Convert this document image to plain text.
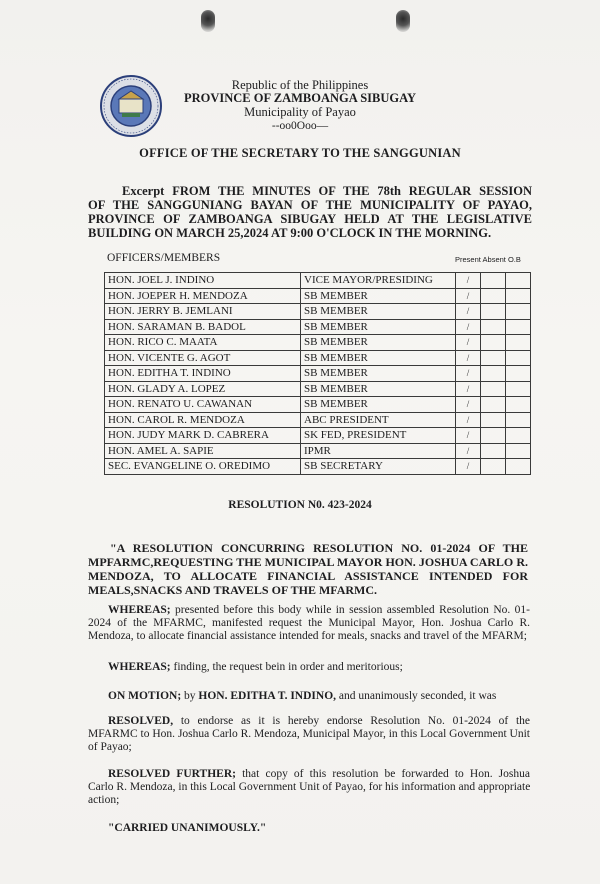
Republic of the Philippines
PROVINCE OF ZAMBOANGA SIBUGAY
Municipality of Payao
--oo0Ooo—
OFFICE OF THE SECRETARY TO THE SANGGUNIAN
Excerpt FROM THE MINUTES OF THE 78th REGULAR SESSION
OF THE SANGGUNIANG BAYAN OF THE MUNICIPALITY OF PAYAO,
PROVINCE OF ZAMBOANGA SIBUGAY HELD AT THE LEGISLATIVE
BUILDING ON MARCH 25,2024 AT 9:00 O'CLOCK IN THE MORNING.
OFFICERS/MEMBERS	Present Absent O.B
HON. JOEL J. INDINO	VICE MAYOR/PRESIDING	/		
HON. JOEPER H. MENDOZA	SB MEMBER	/		
HON. JERRY B. JEMLANI	SB MEMBER	/		
HON. SARAMAN B. BADOL	SB MEMBER	/		
HON. RICO C. MAATA	SB MEMBER	/		
HON. VICENTE G. AGOT	SB MEMBER	/		
HON. EDITHA T. INDINO	SB MEMBER	/		
HON. GLADY A. LOPEZ	SB MEMBER	/		
HON. RENATO U. CAWANAN	SB MEMBER	/		
HON. CAROL R. MENDOZA	ABC PRESIDENT	/		
HON. JUDY MARK D. CABRERA	SK FED, PRESIDENT	/		
HON. AMEL A. SAPIE	IPMR	/		
SEC. EVANGELINE O. OREDIMO	SB SECRETARY	/		
RESOLUTION N0. 423-2024
"A RESOLUTION CONCURRING RESOLUTION NO. 01-2024 OF THE
MPFARMC,REQUESTING THE MUNICIPAL MAYOR HON. JOSHUA CARLO R.
MENDOZA, TO ALLOCATE FINANCIAL ASSISTANCE INTENDED FOR
MEALS,SNACKS AND TRAVELS OF THE MFARMC.
WHEREAS; presented before this body while in session assembled Resolution No. 01-
2024 of the MFARMC, manifested request the Municipal Mayor, Hon. Joshua Carlo R.
Mendoza, to allocate financial assistance intended for meals, snacks and travel of the MFARM;
WHEREAS; finding, the request bein in order and meritorious;
ON MOTION; by HON. EDITHA T. INDINO, and unanimously seconded, it was
RESOLVED, to endorse as it is hereby endorse Resolution No. 01-2024 of the
MFARMC to Hon. Joshua Carlo R. Mendoza, Municipal Mayor, in this Local Government Unit
of Payao;
RESOLVED FURTHER; that copy of this resolution be forwarded to Hon. Joshua
Carlo R. Mendoza, in this Local Government Unit of Payao, for his information and appropriate
action;
"CARRIED UNANIMOUSLY."
